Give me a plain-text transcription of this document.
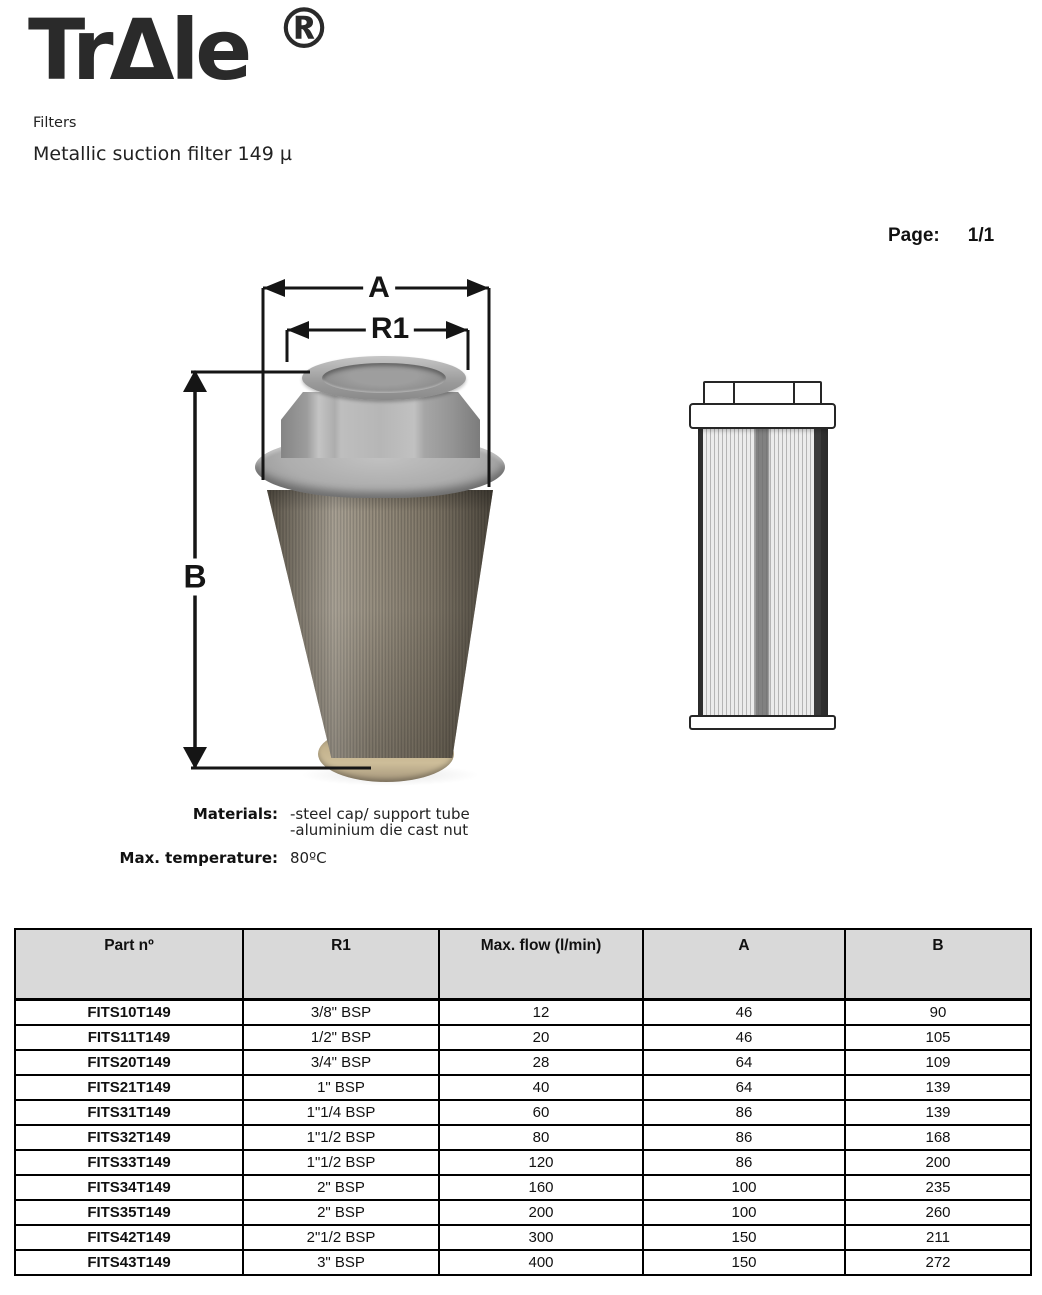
TrΔle ®
Filters
Metallic suction filter 149 µ
Page: 1/1
A
R1
B
Materials: -steel cap/ support tube
-aluminium die cast nut
Max. temperature: 80ºC
Part nº	R1	Max. flow (l/min)	A	B
FITS10T149	3/8" BSP	12	46	90
FITS11T149	1/2" BSP	20	46	105
FITS20T149	3/4" BSP	28	64	109
FITS21T149	1" BSP	40	64	139
FITS31T149	1"1/4 BSP	60	86	139
FITS32T149	1"1/2 BSP	80	86	168
FITS33T149	1"1/2 BSP	120	86	200
FITS34T149	2" BSP	160	100	235
FITS35T149	2" BSP	200	100	260
FITS42T149	2"1/2 BSP	300	150	211
FITS43T149	3" BSP	400	150	272
